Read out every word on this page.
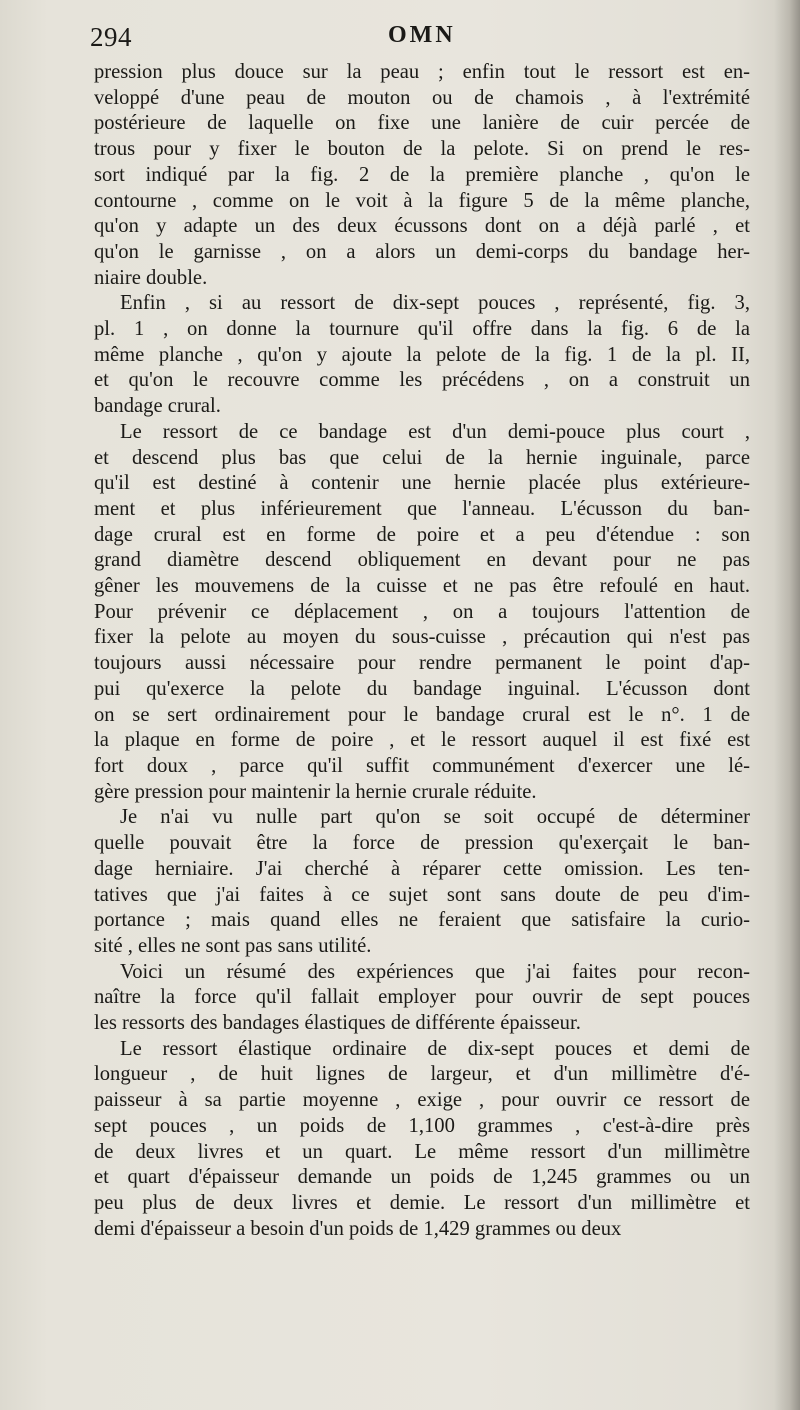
294	OMN
pression plus douce sur la peau ; enfin tout le ressort est en-
veloppé d'une peau de mouton ou de chamois , à l'extrémité
postérieure de laquelle on fixe une lanière de cuir percée de
trous pour y fixer le bouton de la pelote. Si on prend le res-
sort indiqué par la fig. 2 de la première planche , qu'on le
contourne , comme on le voit à la figure 5 de la même planche,
qu'on y adapte un des deux écussons dont on a déjà parlé , et
qu'on le garnisse , on a alors un demi-corps du bandage her-
niaire double.
Enfin , si au ressort de dix-sept pouces , représenté, fig. 3,
pl. 1 , on donne la tournure qu'il offre dans la fig. 6 de la
même planche , qu'on y ajoute la pelote de la fig. 1 de la pl. II,
et qu'on le recouvre comme les précédens , on a construit un
bandage crural.
Le ressort de ce bandage est d'un demi-pouce plus court ,
et descend plus bas que celui de la hernie inguinale, parce
qu'il est destiné à contenir une hernie placée plus extérieure-
ment et plus inférieurement que l'anneau. L'écusson du ban-
dage crural est en forme de poire et a peu d'étendue : son
grand diamètre descend obliquement en devant pour ne pas
gêner les mouvemens de la cuisse et ne pas être refoulé en haut.
Pour prévenir ce déplacement , on a toujours l'attention de
fixer la pelote au moyen du sous-cuisse , précaution qui n'est pas
toujours aussi nécessaire pour rendre permanent le point d'ap-
pui qu'exerce la pelote du bandage inguinal. L'écusson dont
on se sert ordinairement pour le bandage crural est le n°. 1 de
la plaque en forme de poire , et le ressort auquel il est fixé est
fort doux , parce qu'il suffit communément d'exercer une lé-
gère pression pour maintenir la hernie crurale réduite.
Je n'ai vu nulle part qu'on se soit occupé de déterminer
quelle pouvait être la force de pression qu'exerçait le ban-
dage herniaire. J'ai cherché à réparer cette omission. Les ten-
tatives que j'ai faites à ce sujet sont sans doute de peu d'im-
portance ; mais quand elles ne feraient que satisfaire la curio-
sité , elles ne sont pas sans utilité.
Voici un résumé des expériences que j'ai faites pour recon-
naître la force qu'il fallait employer pour ouvrir de sept pouces
les ressorts des bandages élastiques de différente épaisseur.
Le ressort élastique ordinaire de dix-sept pouces et demi de
longueur , de huit lignes de largeur, et d'un millimètre d'é-
paisseur à sa partie moyenne , exige , pour ouvrir ce ressort de
sept pouces , un poids de 1,100 grammes , c'est-à-dire près
de deux livres et un quart. Le même ressort d'un millimètre
et quart d'épaisseur demande un poids de 1,245 grammes ou un
peu plus de deux livres et demie. Le ressort d'un millimètre et
demi d'épaisseur a besoin d'un poids de 1,429 grammes ou deux
